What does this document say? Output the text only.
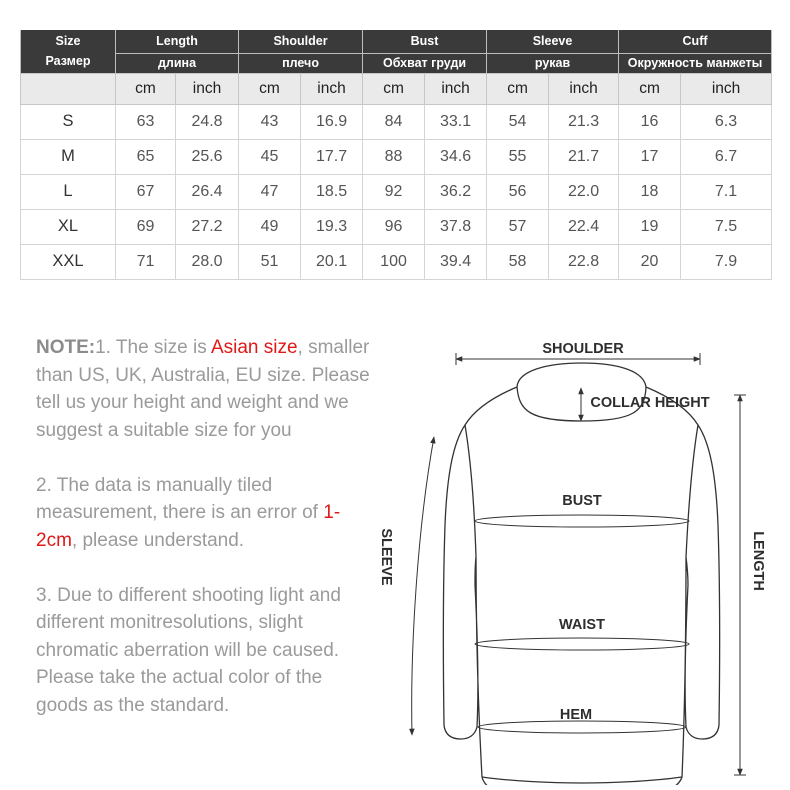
Size
Размер	Length		Shoulder		Bust		Sleeve		Cuff	
	длина		плечо		Обхват груди		рукав		Окружность манжеты	
	cm	inch	cm	inch	cm	inch	cm	inch	cm	inch
S	63	24.8	43	16.9	84	33.1	54	21.3	16	6.3
M	65	25.6	45	17.7	88	34.6	55	21.7	17	6.7
L	67	26.4	47	18.5	92	36.2	56	22.0	18	7.1
XL	69	27.2	49	19.3	96	37.8	57	22.4	19	7.5
XXL	71	28.0	51	20.1	100	39.4	58	22.8	20	7.9

NOTE:1. The size is Asian size, smaller than US, UK, Australia, EU size. Please tell us your height and weight and we suggest a suitable size for you

2. The data is manually tiled measurement, there is an error of 1-2cm, please understand.

3. Due to different shooting light and different monitresolutions, slight chromatic aberration will be caused. Please take the actual color of the goods as the standard.

SHOULDER
COLLAR HEIGHT
BUST
WAIST
HEM
SLEEVE	LENGTH
